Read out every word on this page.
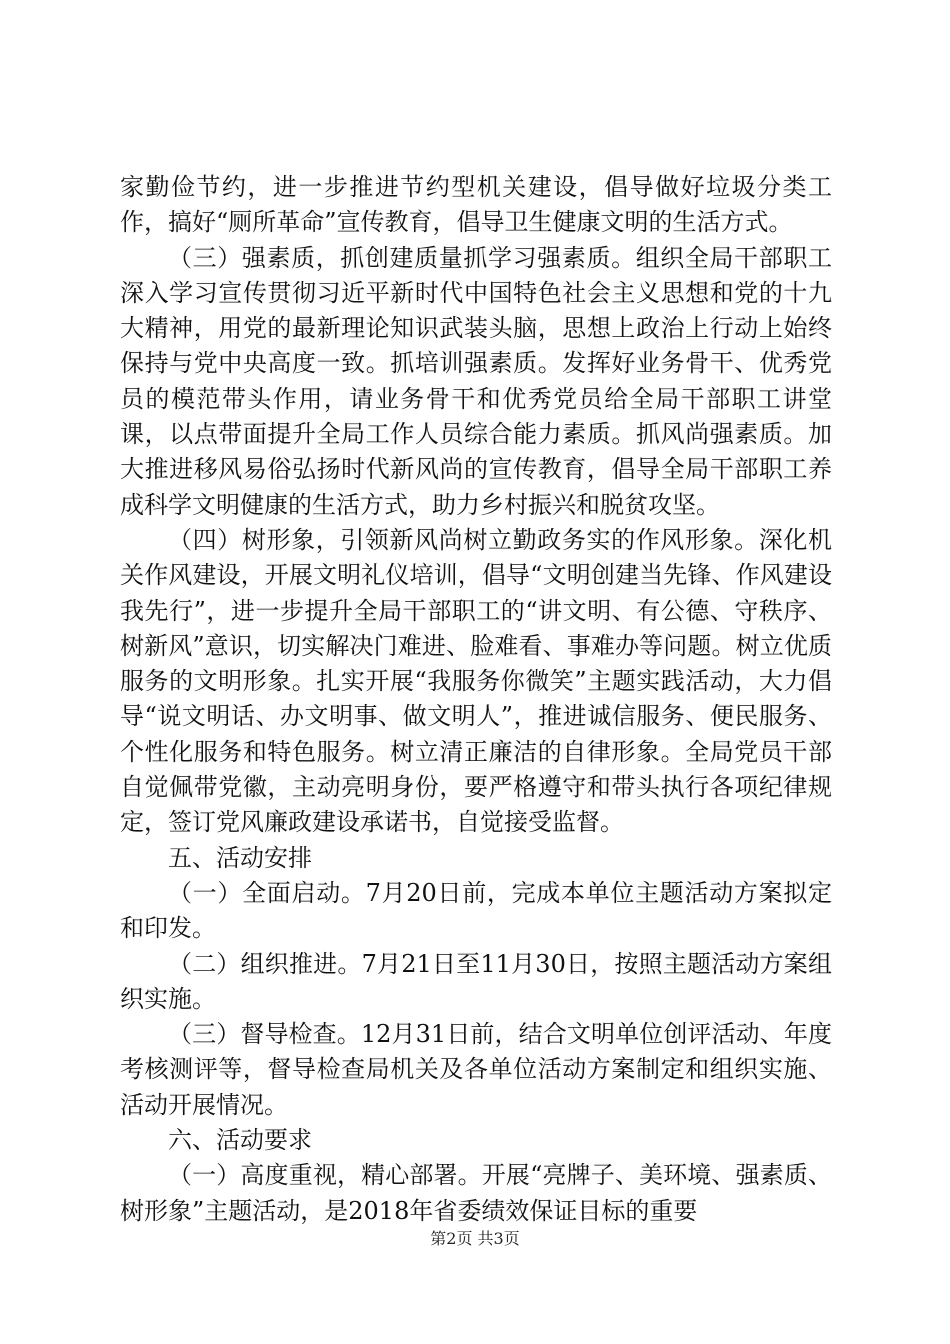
家勤俭节约，进一步推进节约型机关建设，倡导做好垃圾分类工作，搞好“厕所革命”宣传教育，倡导卫生健康文明的生活方式。

（三）强素质，抓创建质量抓学习强素质。组织全局干部职工深入学习宣传贯彻习近平新时代中国特色社会主义思想和党的十九大精神，用党的最新理论知识武装头脑，思想上政治上行动上始终保持与党中央高度一致。抓培训强素质。发挥好业务骨干、优秀党员的模范带头作用，请业务骨干和优秀党员给全局干部职工讲堂课，以点带面提升全局工作人员综合能力素质。抓风尚强素质。加大推进移风易俗弘扬时代新风尚的宣传教育，倡导全局干部职工养成科学文明健康的生活方式，助力乡村振兴和脱贫攻坚。

（四）树形象，引领新风尚树立勤政务实的作风形象。深化机关作风建设，开展文明礼仪培训，倡导“文明创建当先锋、作风建设我先行”，进一步提升全局干部职工的“讲文明、有公德、守秩序、树新风”意识，切实解决门难进、脸难看、事难办等问题。树立优质服务的文明形象。扎实开展“我服务你微笑”主题实践活动，大力倡导“说文明话、办文明事、做文明人”，推进诚信服务、便民服务、个性化服务和特色服务。树立清正廉洁的自律形象。全局党员干部自觉佩带党徽，主动亮明身份，要严格遵守和带头执行各项纪律规定，签订党风廉政建设承诺书，自觉接受监督。

五、活动安排

（一）全面启动。7月20日前，完成本单位主题活动方案拟定和印发。

（二）组织推进。7月21日至11月30日，按照主题活动方案组织实施。

（三）督导检查。12月31日前，结合文明单位创评活动、年度考核测评等，督导检查局机关及各单位活动方案制定和组织实施、活动开展情况。

六、活动要求

（一）高度重视，精心部署。开展“亮牌子、美环境、强素质、树形象”主题活动，是2018年省委绩效保证目标的重要

第2页 共3页
